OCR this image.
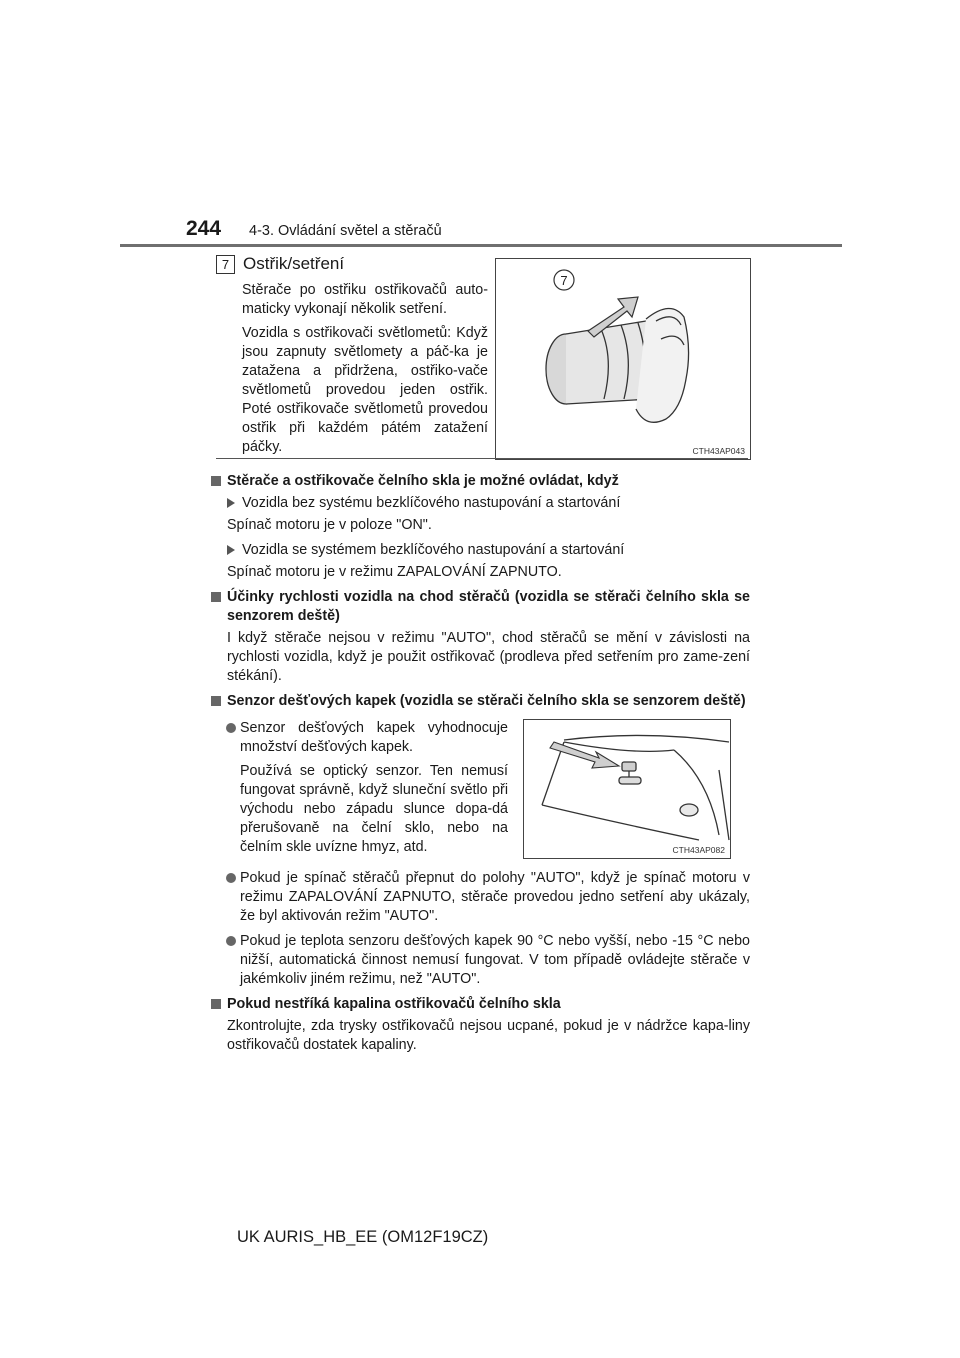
244 4-3. Ovládání světel a stěračů
7 Ostřik/setření

Stěrače po ostřiku ostřikovačů auto-maticky vykonají několik setření.

Vozidla s ostřikovači světlometů: Když jsou zapnuty světlomety a páč-ka je zatažena a přidržena, ostřiko-vače světlometů provedou jeden ostřik. Poté ostřikovače světlometů provedou ostřik při každém pátém zatažení páčky.

7
CTH43AP043
Stěrače a ostřikovače čelního skla je možné ovládat, když
Vozidla bez systému bezklíčového nastupování a startování
Spínač motoru je v poloze "ON".
Vozidla se systémem bezklíčového nastupování a startování
Spínač motoru je v režimu ZAPALOVÁNÍ ZAPNUTO.
Účinky rychlosti vozidla na chod stěračů (vozidla se stěrači čelního skla se senzorem deště)
I když stěrače nejsou v režimu "AUTO", chod stěračů se mění v závislosti na rychlosti vozidla, když je použit ostřikovač (prodleva před setřením pro zame-zení stékání).
Senzor dešťových kapek (vozidla se stěrači čelního skla se senzorem deště)

Senzor dešťových kapek vyhodnocuje množství dešťových kapek.

Používá se optický senzor. Ten nemusí fungovat správně, když sluneční světlo při východu nebo západu slunce dopa-dá přerušovaně na čelní sklo, nebo na čelním skle uvízne hmyz, atd.

Pokud je spínač stěračů přepnut do polohy "AUTO", když je spínač motoru v režimu ZAPALOVÁNÍ ZAPNUTO, stěrače provedou jedno setření aby ukázaly, že byl aktivován režim "AUTO".
Pokud je teplota senzoru dešťových kapek 90 °C nebo vyšší, nebo -15 °C nebo nižší, automatická činnost nemusí fungovat. V tom případě ovládejte stěrače v jakémkoliv jiném režimu, než "AUTO".
Pokud nestříká kapalina ostřikovačů čelního skla
Zkontrolujte, zda trysky ostřikovačů nejsou ucpané, pokud je v nádržce kapa-liny ostřikovačů dostatek kapaliny.
CTH43AP082
UK AURIS_HB_EE (OM12F19CZ)
